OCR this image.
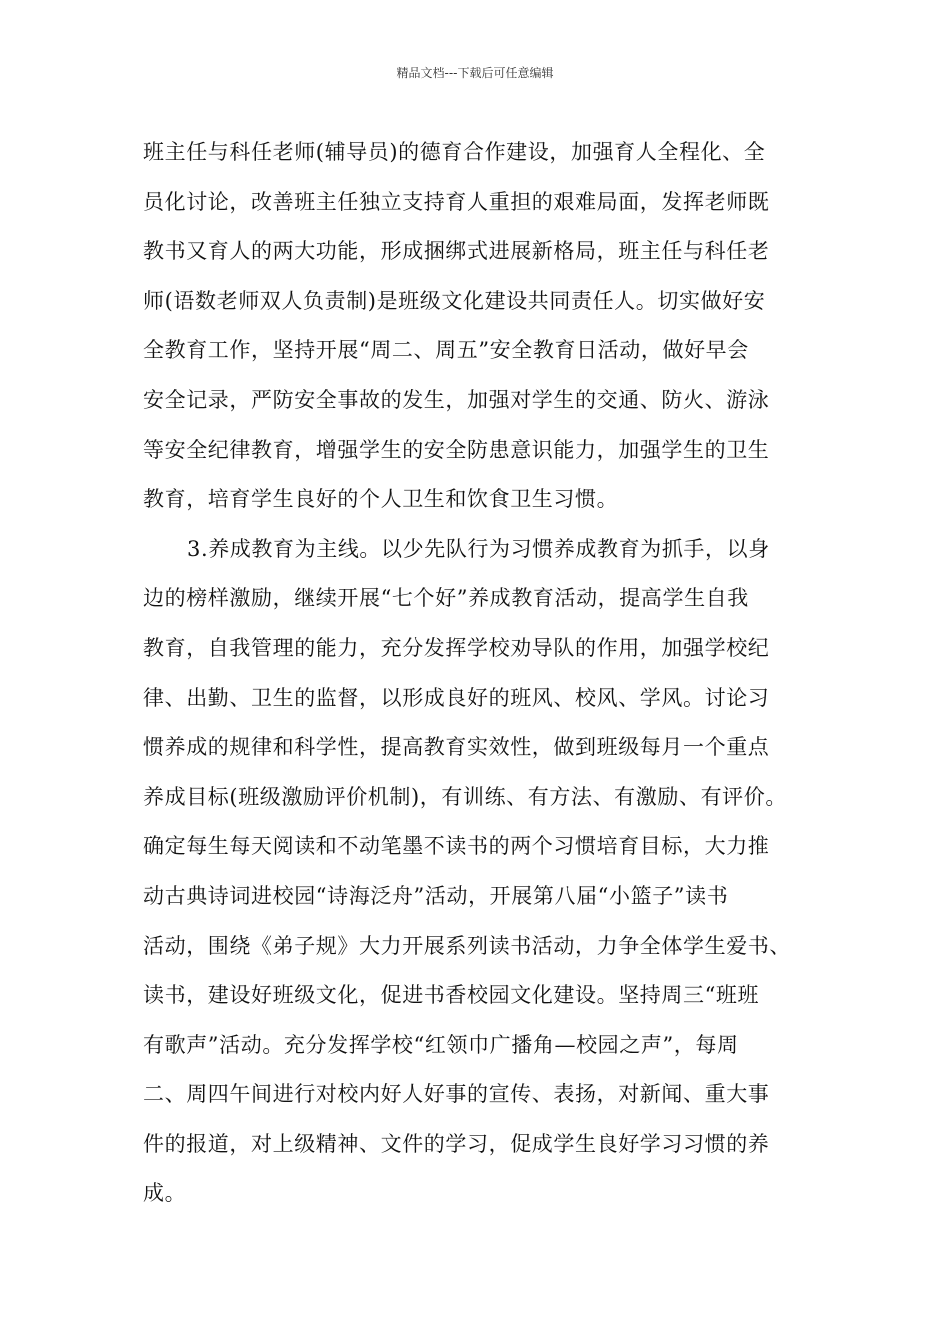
精品文档---下载后可任意编辑
班主任与科任老师(辅导员)的德育合作建设，加强育人全程化、全
员化讨论，改善班主任独立支持育人重担的艰难局面，发挥老师既
教书又育人的两大功能，形成捆绑式进展新格局，班主任与科任老
师(语数老师双人负责制)是班级文化建设共同责任人。切实做好安
全教育工作，坚持开展“周二、周五”安全教育日活动，做好早会
安全记录，严防安全事故的发生，加强对学生的交通、防火、游泳
等安全纪律教育，增强学生的安全防患意识能力，加强学生的卫生
教育，培育学生良好的个人卫生和饮食卫生习惯。
3.养成教育为主线。以少先队行为习惯养成教育为抓手，以身
边的榜样激励，继续开展“七个好”养成教育活动，提高学生自我
教育，自我管理的能力，充分发挥学校劝导队的作用，加强学校纪
律、出勤、卫生的监督，以形成良好的班风、校风、学风。讨论习
惯养成的规律和科学性，提高教育实效性，做到班级每月一个重点
养成目标(班级激励评价机制)，有训练、有方法、有激励、有评价。
确定每生每天阅读和不动笔墨不读书的两个习惯培育目标，大力推
动古典诗词进校园“诗海泛舟”活动，开展第八届“小篮子”读书
活动，围绕《弟子规》大力开展系列读书活动，力争全体学生爱书、
读书，建设好班级文化，促进书香校园文化建设。坚持周三“班班
有歌声”活动。充分发挥学校“红领巾广播角—校园之声”，每周
二、周四午间进行对校内好人好事的宣传、表扬，对新闻、重大事
件的报道，对上级精神、文件的学习，促成学生良好学习习惯的养
成。
